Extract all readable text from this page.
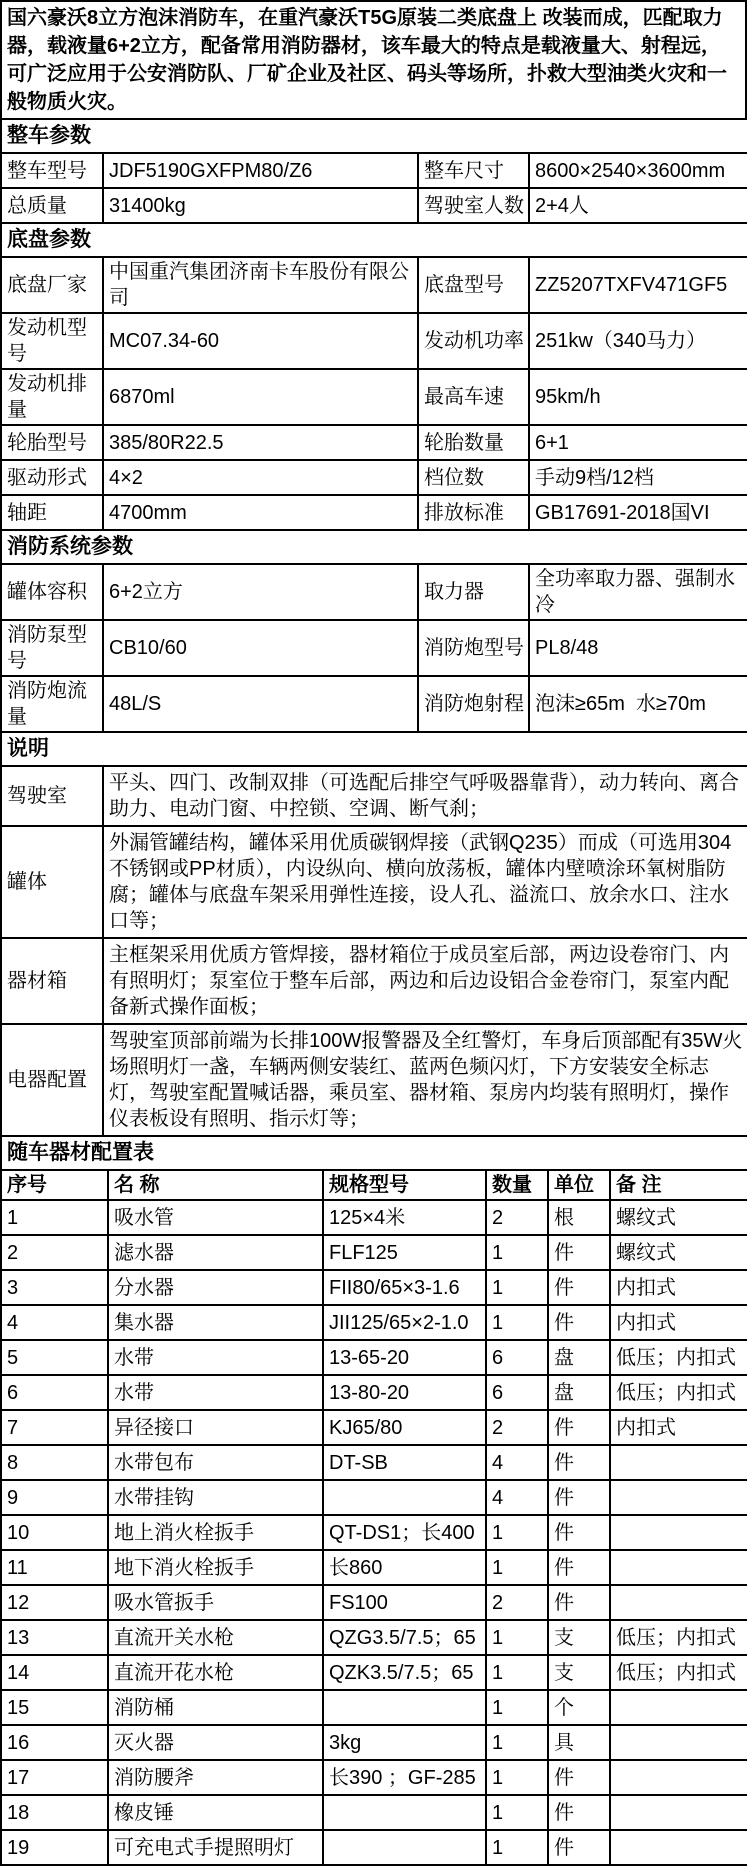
国六豪沃8立方泡沫消防车，在重汽豪沃T5G原装二类底盘上 改装而成，匹配取力器，载液量6+2立方，配备常用消防器材，该车最大的特点是载液量大、射程远，可广泛应用于公安消防队、厂矿企业及社区、码头等场所，扑救大型油类火灾和一般物质火灾。
整车参数			
整车型号	JDF5190GXFPM80/Z6	整车尺寸	8600×2540×3600mm
总质量	31400kg	驾驶室人数	2+4人
底盘参数			
底盘厂家	中国重汽集团济南卡车股份有限公司	底盘型号	ZZ5207TXFV471GF5
发动机型号	MC07.34-60	发动机功率	251kw（340马力）
发动机排量	6870ml	最高车速	95km/h
轮胎型号	385/80R22.5	轮胎数量	6+1
驱动形式	4×2	档位数	手动9档/12档
轴距	4700mm	排放标准	GB17691-2018国VI
消防系统参数			
罐体容积	6+2立方	取力器	全功率取力器、强制水冷
消防泵型号	CB10/60	消防炮型号	PL8/48
消防炮流量	48L/S	消防炮射程	泡沫≥65m  水≥70m
说明			
驾驶室	平头、四门、改制双排（可选配后排空气呼吸器靠背），动力转向、离合助力、电动门窗、中控锁、空调、断气刹；		
罐体	外漏管罐结构，罐体采用优质碳钢焊接（武钢Q235）而成（可选用304不锈钢或PP材质），内设纵向、横向放荡板，罐体内壁喷涂环氧树脂防腐；罐体与底盘车架采用弹性连接，设人孔、溢流口、放余水口、注水口等；		
器材箱	主框架采用优质方管焊接，器材箱位于成员室后部，两边设卷帘门、内有照明灯；泵室位于整车后部，两边和后边设铝合金卷帘门，泵室内配备新式操作面板；		
电器配置	驾驶室顶部前端为长排100W报警器及全红警灯，车身后顶部配有35W火场照明灯一盏，车辆两侧安装红、蓝两色频闪灯，下方安装安全标志灯，驾驶室配置喊话器，乘员室、器材箱、泵房内均装有照明灯，操作仪表板设有照明、指示灯等；		
随车器材配置表					
序号	名 称	规格型号	数量	单位	备 注
1	吸水管	125×4米	2	根	螺纹式
2	滤水器	FLF125	1	件	螺纹式
3	分水器	FII80/65×3-1.6	1	件	内扣式
4	集水器	JII125/65×2-1.0	1	件	内扣式
5	水带	13-65-20	6	盘	低压；内扣式
6	水带	13-80-20	6	盘	低压；内扣式
7	异径接口	KJ65/80	2	件	内扣式
8	水带包布	DT-SB	4	件	
9	水带挂钩		4	件	
10	地上消火栓扳手	QT-DS1；长400	1	件	
11	地下消火栓扳手	长860	1	件	
12	吸水管扳手	FS100	2	件	
13	直流开关水枪	QZG3.5/7.5；65	1	支	低压；内扣式
14	直流开花水枪	QZK3.5/7.5；65	1	支	低压；内扣式
15	消防桶		1	个	
16	灭火器	3kg	1	具	
17	消防腰斧	长390 ；GF-285	1	件	
18	橡皮锤		1	件	
19	可充电式手提照明灯		1	件	
